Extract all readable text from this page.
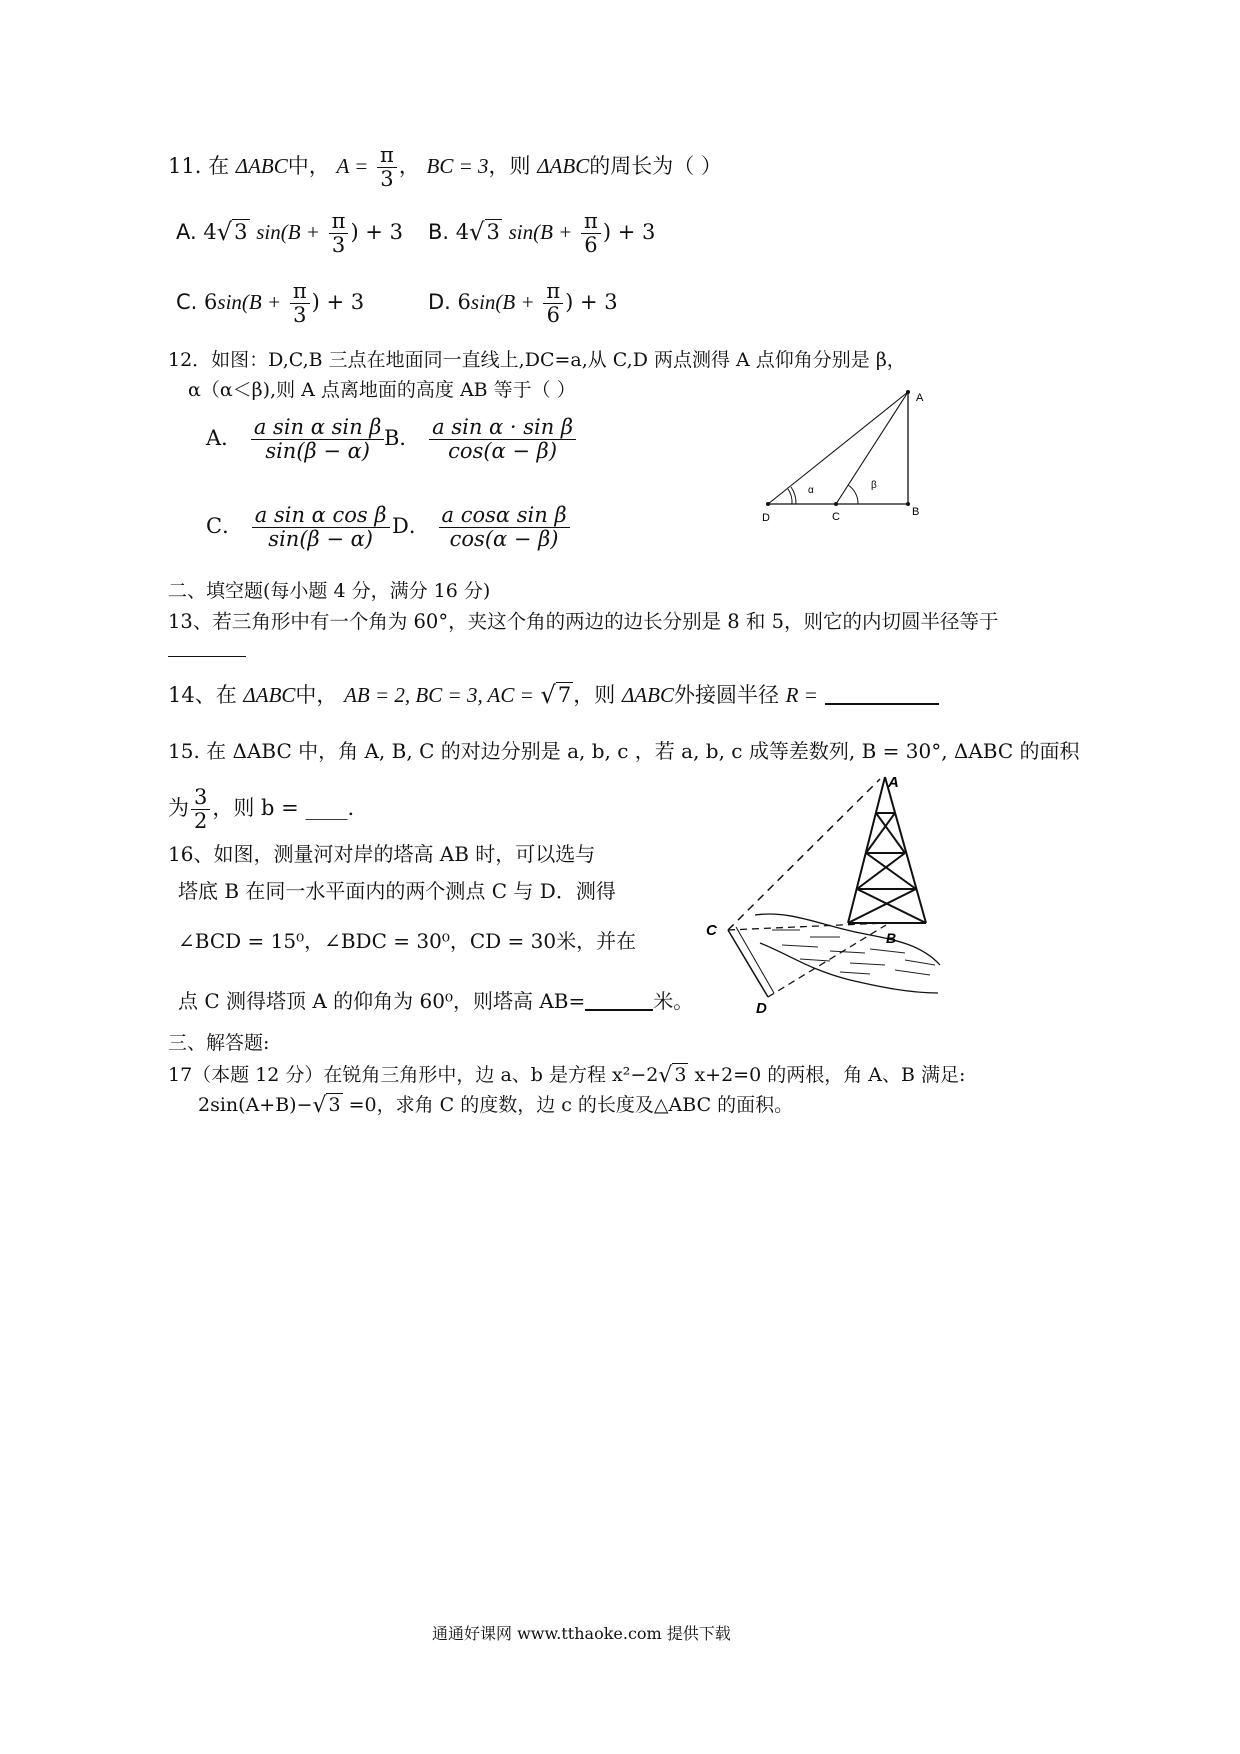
11. 在 ΔABC中， $A = \frac{\pi}{3}$ ， BC = 3，则 ΔABC的周长为（ ）
A. 4√3 $\sin(B + \frac{\pi}{3}$ ) + 3 B. 4√3 $\sin(B + \frac{\pi}{6}$ ) + 3
C. $6\sin(B + \frac{\pi}{3}$ ) + 3	D. $6\sin(B + \frac{\pi}{6}$ ) + 3
12．如图：D,C,B 三点在地面同一直线上,DC=a,从 C,D 两点测得 A 点仰角分别是 β，
α（α＜β),则 A 点离地面的高度 AB 等于（ ）
A． $\frac{\text{a sin α sin β}}{\sin(\beta - \alpha)}$ B． $\frac{\text{a sin α · sin β}}{\cos(\alpha - \beta)}$
C． $\frac{\text{a sin α cos β}}{\sin(\beta - \alpha)}$ D． $\frac{\text{a cosα sin β}}{\cos(\alpha - \beta)}$
A
B
C
D
α	β
二、填空题(每小题 4 分，满分 16 分)
13、若三角形中有一个角为 60°，夹这个角的两边的边长分别是 8 和 5，则它的内切圆半径等于
14、在 ΔABC中， AB = 2, BC = 3, AC = √7，则 ΔABC外接圆半径 R =
15. 在 ΔABC 中，角 A, B, C 的对边分别是 a, b, c ，若 a, b, c 成等差数列, B = 30°, ΔABC 的面积
为 $\frac{3}{2}$ ，则 b = ____.
16、如图，测量河对岸的塔高 AB 时，可以选与
塔底 B 在同一水平面内的两个测点 C 与 D．测得
∠BCD = 15⁰，∠BDC = 30⁰，CD = 30米，并在
点 C 测得塔顶 A 的仰角为 60⁰，则塔高 AB=	米。
A
B
C
D
三、解答题:
17（本题 12 分）在锐角三角形中，边 a、b 是方程 x²−2√ 3 x+2=0 的两根，角 A、B 满足:
2sin(A+B)−√ 3 =0，求角 C 的度数，边 c 的长度及△ABC 的面积。
通通好课网 www.tthaoke.com 提供下载
